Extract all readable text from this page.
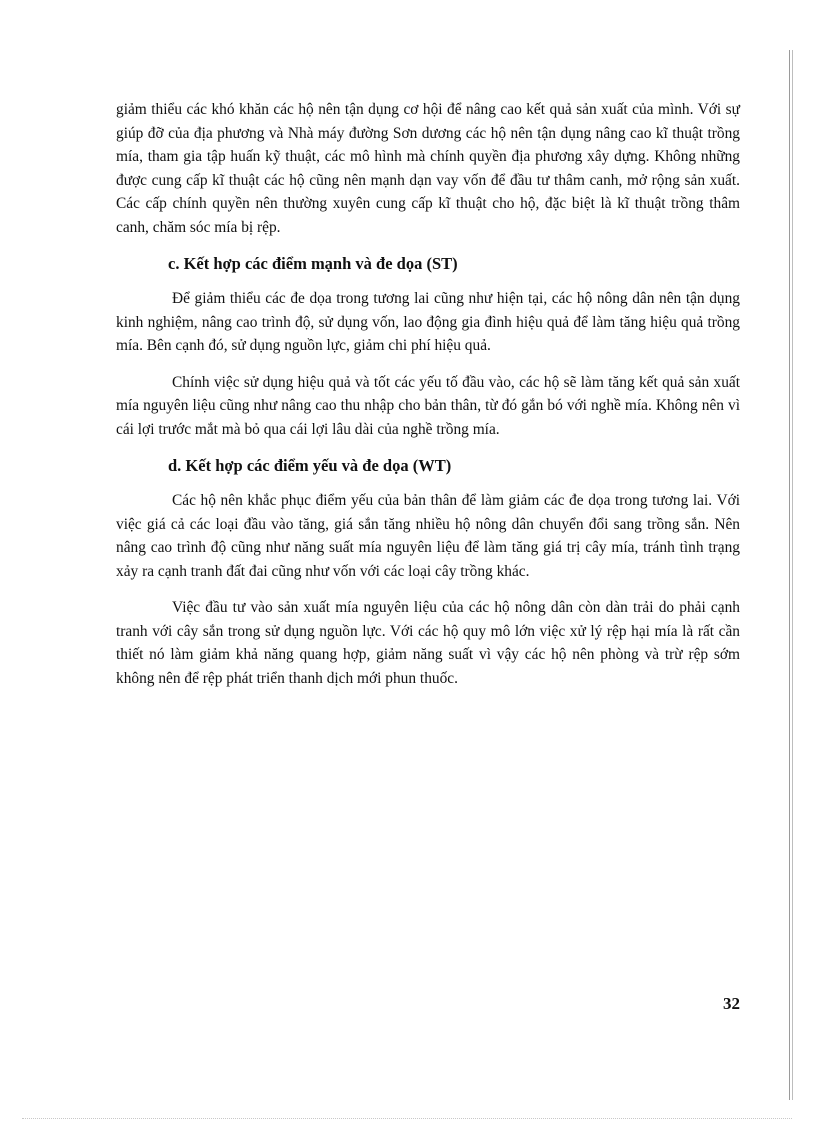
giảm thiểu các khó khăn các hộ nên tận dụng cơ hội để nâng cao kết quả sản xuất của mình. Với sự giúp đỡ của địa phương và Nhà máy đường Sơn dương các hộ nên tận dụng nâng cao kĩ thuật trồng mía, tham gia tập huấn kỹ thuật, các mô hình mà chính quyền địa phương xây dựng. Không những được cung cấp kĩ thuật các hộ cũng nên mạnh dạn vay vốn để đầu tư thâm canh, mở rộng sản xuất. Các cấp chính quyền nên thường xuyên cung cấp kĩ thuật cho hộ, đặc biệt là kĩ thuật trồng thâm canh, chăm sóc mía bị rệp.

c. Kết hợp các điểm mạnh và đe dọa (ST)

Để giảm thiểu các đe dọa trong tương lai cũng như hiện tại, các hộ nông dân nên tận dụng kinh nghiệm, nâng cao trình độ, sử dụng vốn, lao động gia đình hiệu quả để làm tăng hiệu quả trồng mía. Bên cạnh đó, sử dụng nguồn lực, giảm chi phí hiệu quả.

Chính việc sử dụng hiệu quả và tốt các yếu tố đầu vào, các hộ sẽ làm tăng kết quả sản xuất mía nguyên liệu cũng như nâng cao thu nhập cho bản thân, từ đó gắn bó với nghề mía. Không nên vì cái lợi trước mắt mà bỏ qua cái lợi lâu dài của nghề trồng mía.

d. Kết hợp các điểm yếu và đe dọa (WT)

Các hộ nên khắc phục điểm yếu của bản thân để làm giảm các đe dọa trong tương lai. Với việc giá cả các loại đầu vào tăng, giá sắn tăng nhiều hộ nông dân chuyển đổi sang trồng sắn. Nên nâng cao trình độ cũng như năng suất mía nguyên liệu để làm tăng giá trị cây mía, tránh tình trạng xảy ra cạnh tranh đất đai cũng như vốn với các loại cây trồng khác.

Việc đầu tư vào sản xuất mía nguyên liệu của các hộ nông dân còn dàn trải do phải cạnh tranh với cây sắn trong sử dụng nguồn lực. Với các hộ quy mô lớn việc xử lý rệp hại mía là rất cần thiết nó làm giảm khả năng quang hợp, giảm năng suất vì vậy các hộ nên phòng và trừ rệp sớm không nên để rệp phát triển thanh dịch mới phun thuốc.

32
